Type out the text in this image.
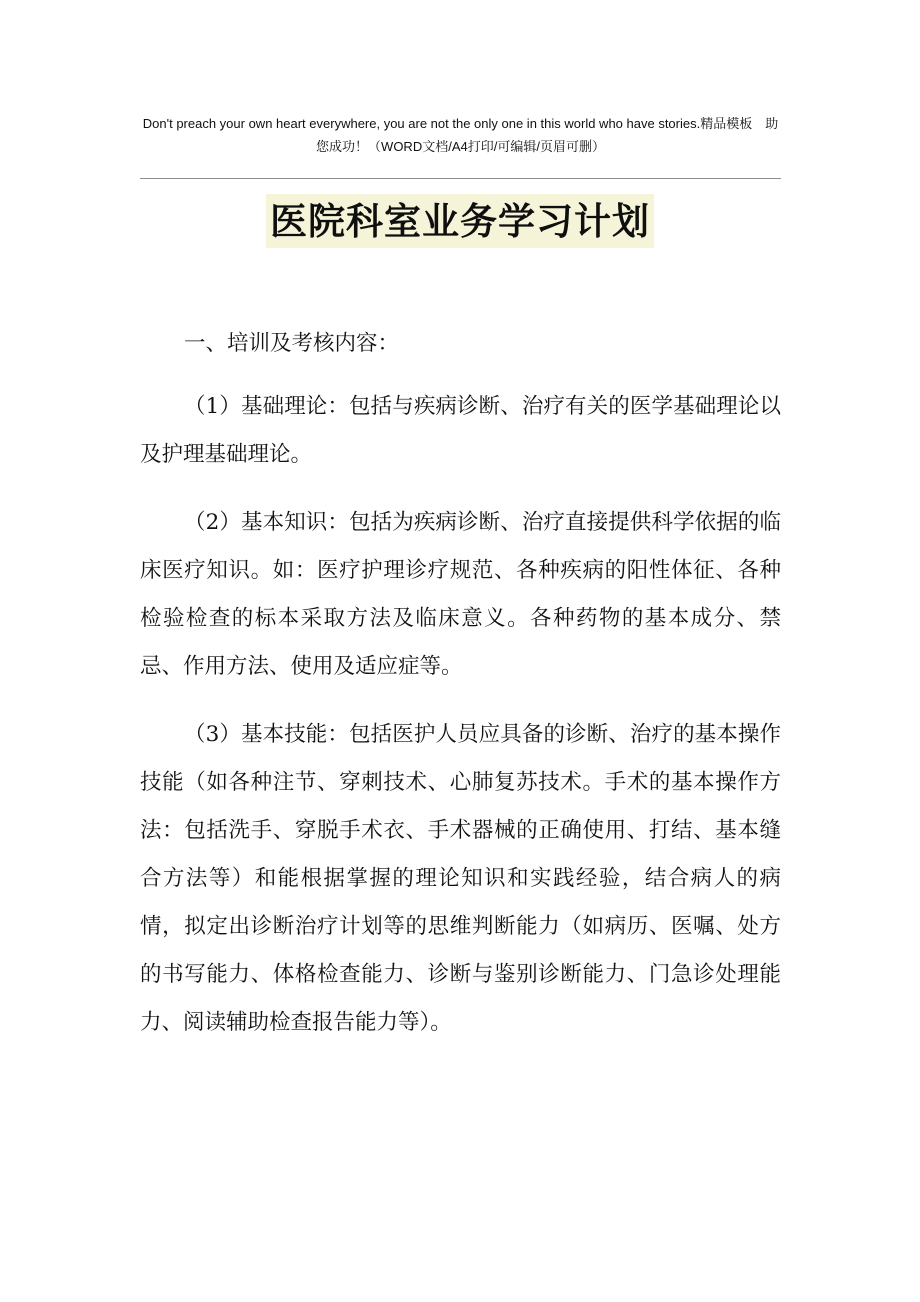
Don't preach your own heart everywhere, you are not the only one in this world who have stories.精品模板　助
您成功！（WORD文档/A4打印/可编辑/页眉可删）
医院科室业务学习计划

一、培训及考核内容：

（1）基础理论：包括与疾病诊断、治疗有关的医学基础理论以及护理基础理论。

（2）基本知识：包括为疾病诊断、治疗直接提供科学依据的临床医疗知识。如：医疗护理诊疗规范、各种疾病的阳性体征、各种检验检查的标本采取方法及临床意义。各种药物的基本成分、禁忌、作用方法、使用及适应症等。

（3）基本技能：包括医护人员应具备的诊断、治疗的基本操作技能（如各种注节、穿刺技术、心肺复苏技术。手术的基本操作方法：包括洗手、穿脱手术衣、手术器械的正确使用、打结、基本缝合方法等）和能根据掌握的理论知识和实践经验，结合病人的病情，拟定出诊断治疗计划等的思维判断能力（如病历、医嘱、处方的书写能力、体格检查能力、诊断与鉴别诊断能力、门急诊处理能力、阅读辅助检查报告能力等）。
